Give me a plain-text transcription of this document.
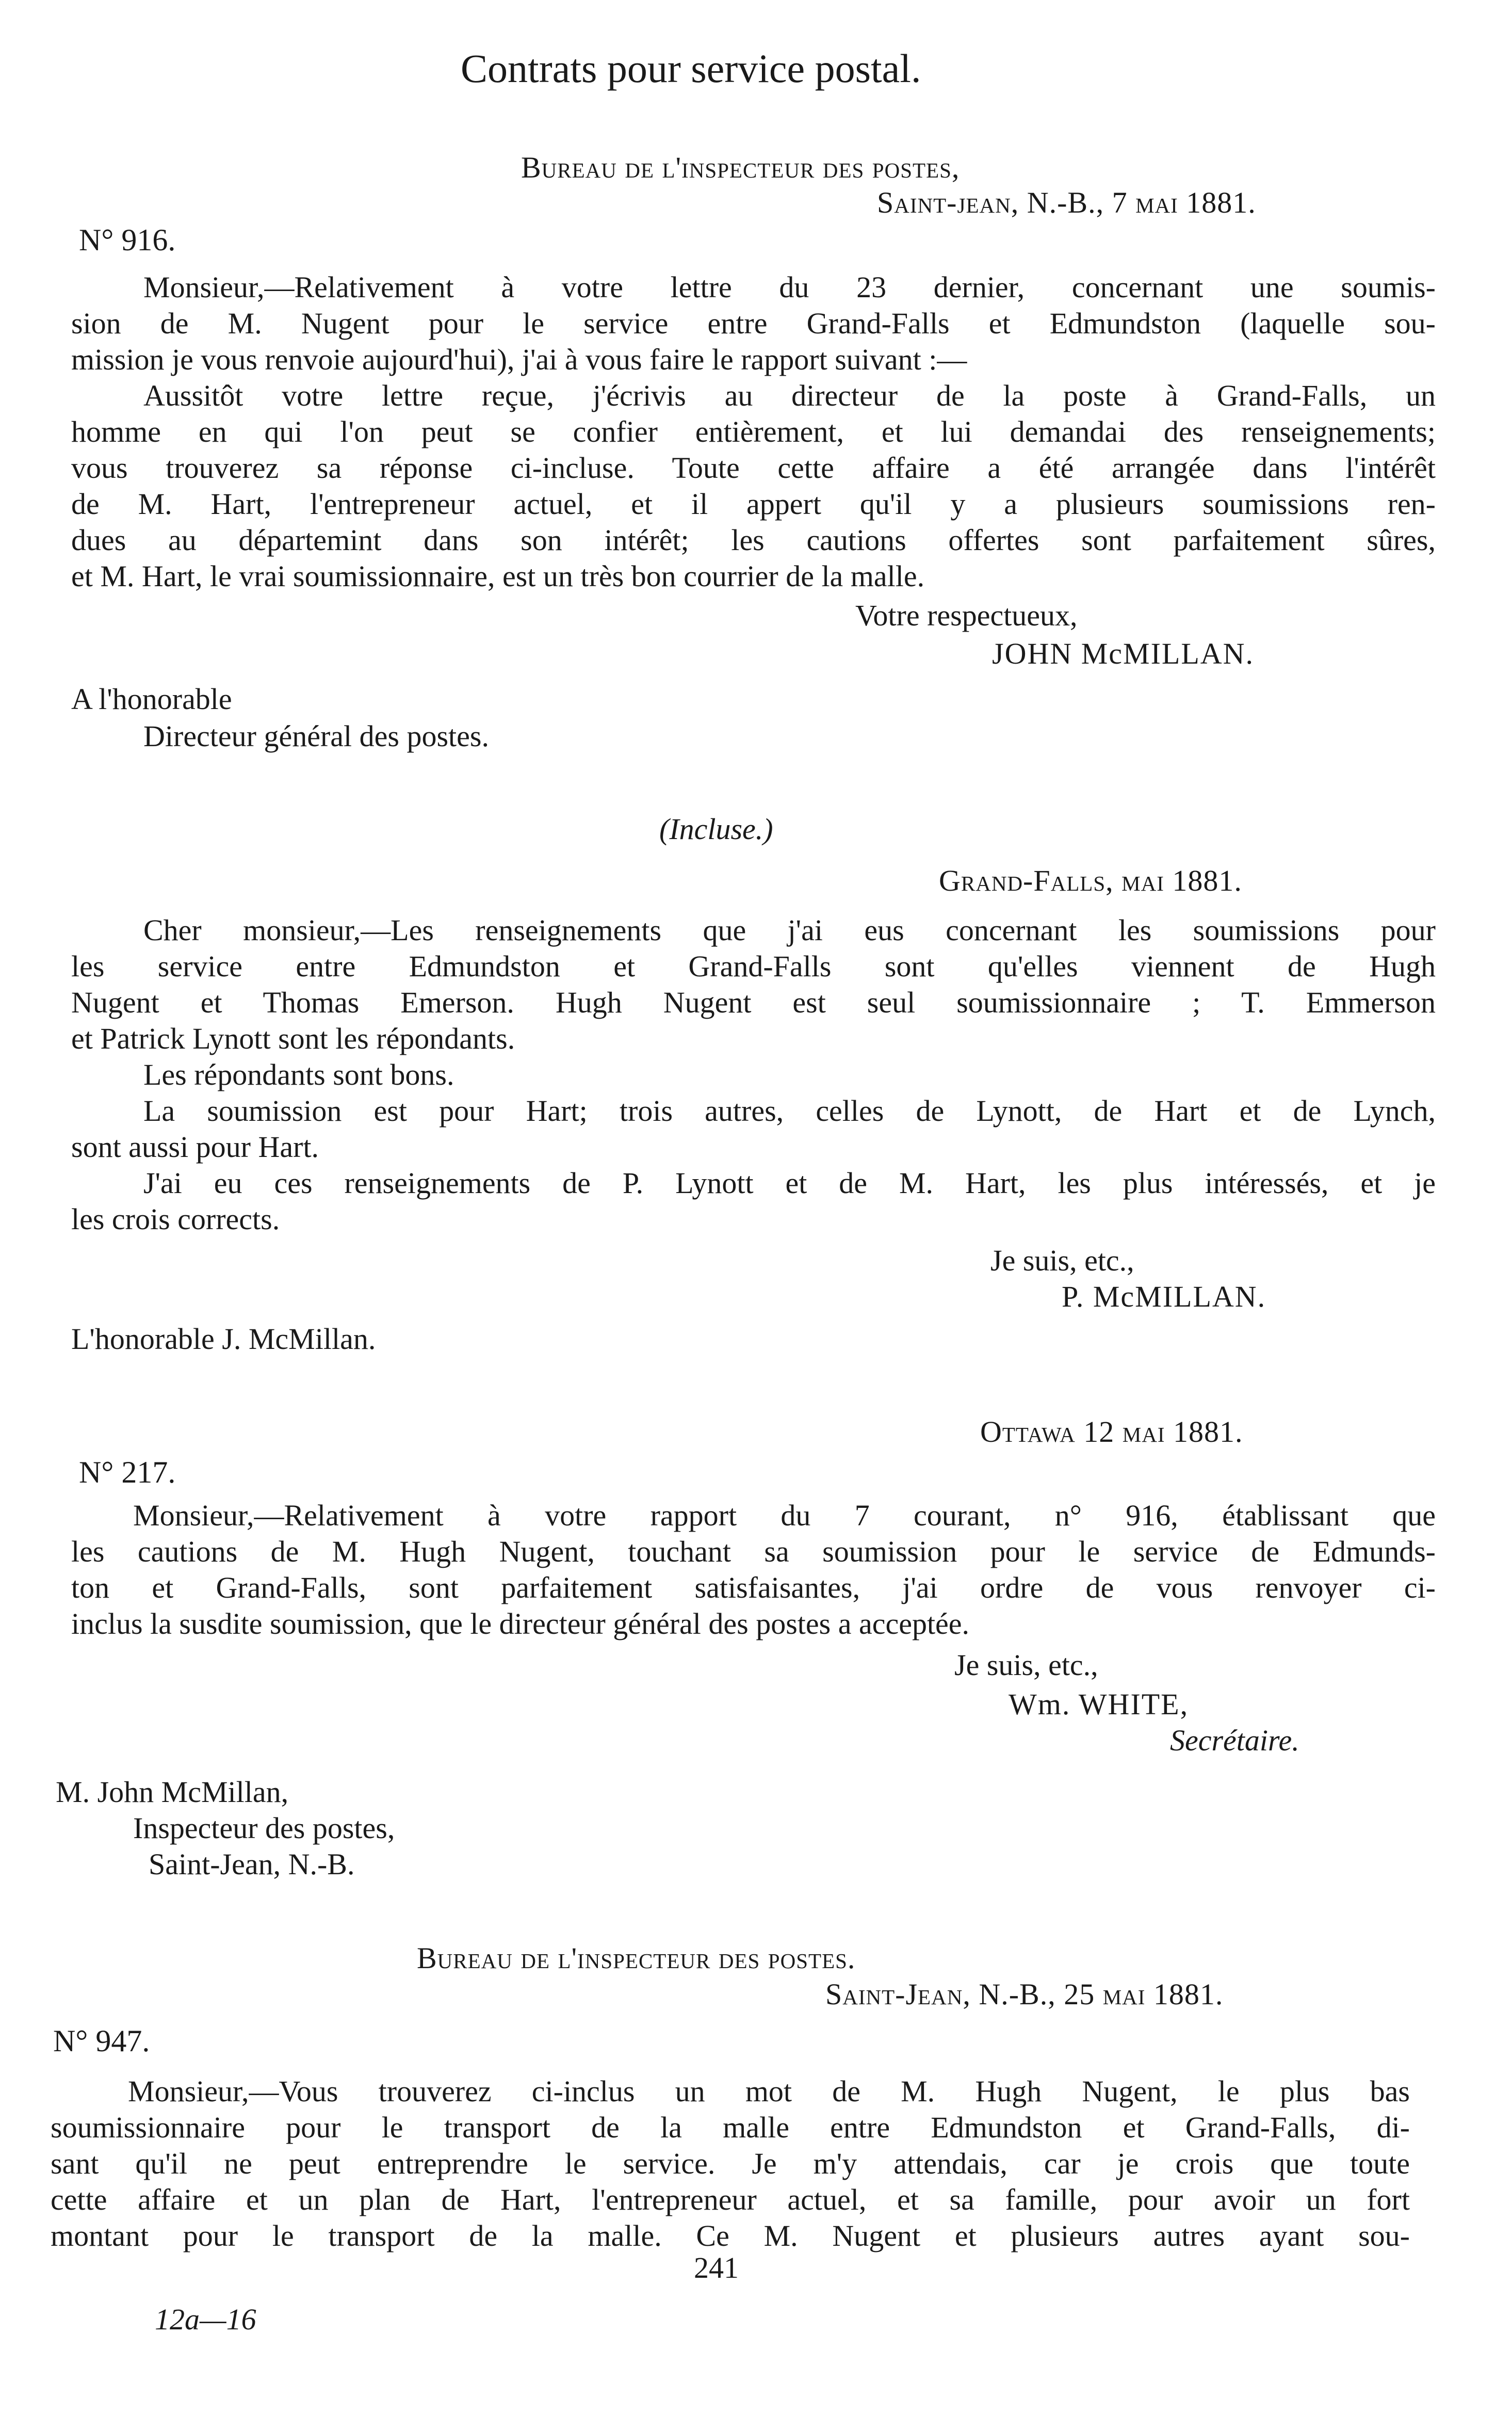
Contrats pour service postal.
Bureau de l'inspecteur des postes,
Saint-jean, N.-B., 7 mai 1881.
N° 916.
Monsieur,—Relativement à votre lettre du 23 dernier, concernant une soumis-
sion de M. Nugent pour le service entre Grand-Falls et Edmundston (laquelle sou-
mission je vous renvoie aujourd'hui), j'ai à vous faire le rapport suivant :—
Aussitôt votre lettre reçue, j'écrivis au directeur de la poste à Grand-Falls, un
homme en qui l'on peut se confier entièrement, et lui demandai des renseignements;
vous trouverez sa réponse ci-incluse. Toute cette affaire a été arrangée dans l'intérêt
de M. Hart, l'entrepreneur actuel, et il appert qu'il y a plusieurs soumissions ren-
dues au départemint dans son intérêt; les cautions offertes sont parfaitement sûres,
et M. Hart, le vrai soumissionnaire, est un très bon courrier de la malle.
Votre respectueux,
JOHN McMILLAN.
A l'honorable
Directeur général des postes.
(Incluse.)
Grand-Falls, mai 1881.
Cher monsieur,—Les renseignements que j'ai eus concernant les soumissions pour
les service entre Edmundston et Grand-Falls sont qu'elles viennent de Hugh
Nugent et Thomas Emerson. Hugh Nugent est seul soumissionnaire ; T. Emmerson
et Patrick Lynott sont les répondants.
Les répondants sont bons.
La soumission est pour Hart; trois autres, celles de Lynott, de Hart et de Lynch,
sont aussi pour Hart.
J'ai eu ces renseignements de P. Lynott et de M. Hart, les plus intéressés, et je
les crois corrects.
Je suis, etc.,
P. McMILLAN.
L'honorable J. McMillan.
Ottawa 12 mai 1881.
N° 217.
Monsieur,—Relativement à votre rapport du 7 courant, n° 916, établissant que
les cautions de M. Hugh Nugent, touchant sa soumission pour le service de Edmunds-
ton et Grand-Falls, sont parfaitement satisfaisantes, j'ai ordre de vous renvoyer ci-
inclus la susdite soumission, que le directeur général des postes a acceptée.
Je suis, etc.,
Wm. WHITE,
Secrétaire.
M. John McMillan,
Inspecteur des postes,
Saint-Jean, N.-B.
Bureau de l'inspecteur des postes.
Saint-Jean, N.-B., 25 mai 1881.
N° 947.
Monsieur,—Vous trouverez ci-inclus un mot de M. Hugh Nugent, le plus bas
soumissionnaire pour le transport de la malle entre Edmundston et Grand-Falls, di-
sant qu'il ne peut entreprendre le service. Je m'y attendais, car je crois que toute
cette affaire et un plan de Hart, l'entrepreneur actuel, et sa famille, pour avoir un fort
montant pour le transport de la malle. Ce M. Nugent et plusieurs autres ayant sou-
241
12a—16
